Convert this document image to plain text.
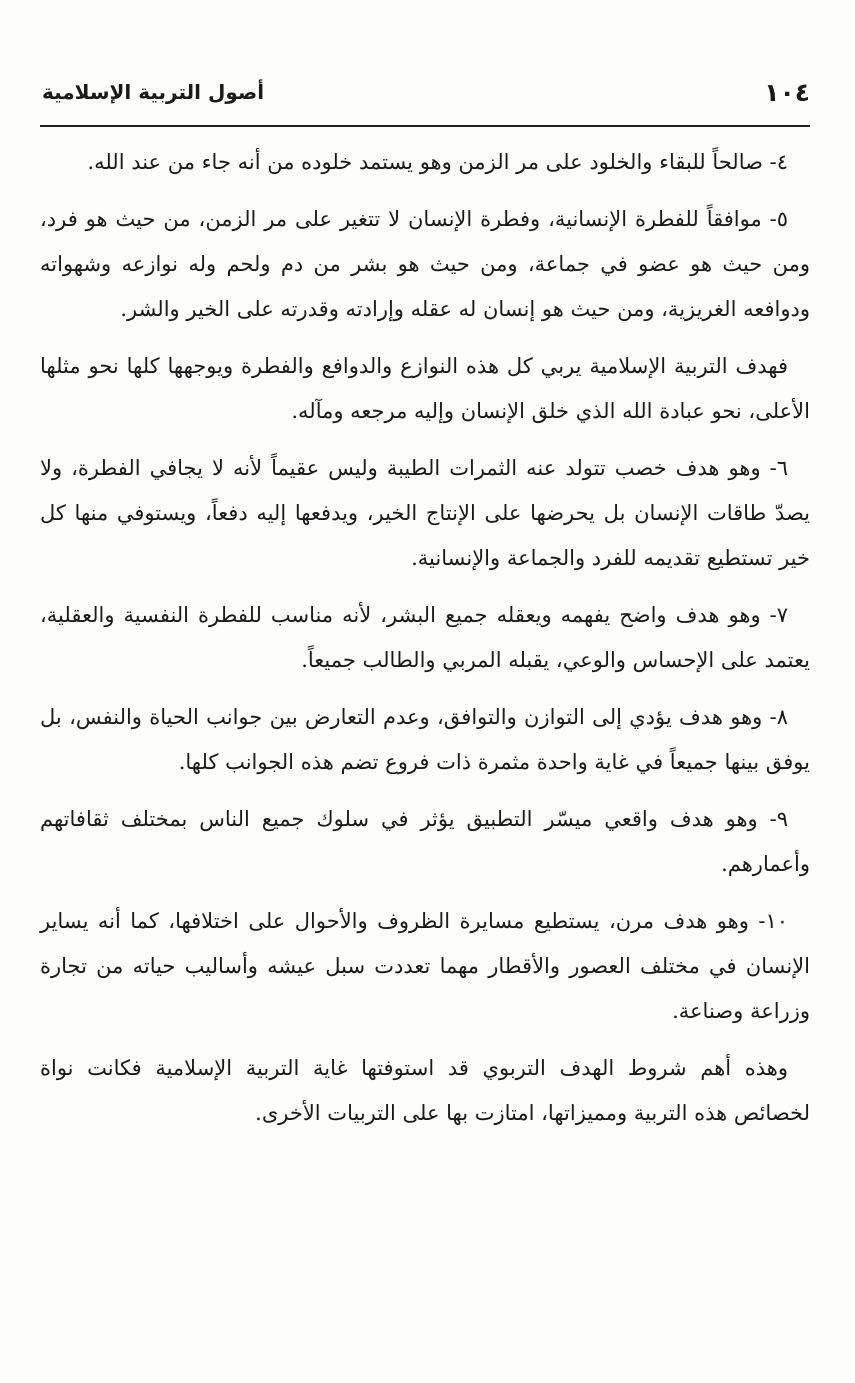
١٠٤
أصول التربية الإسلامية

٤- صالحاً للبقاء والخلود على مر الزمن وهو يستمد خلوده من أنه جاء من عند الله.

٥- موافقاً للفطرة الإنسانية، وفطرة الإنسان لا تتغير على مر الزمن، من حيث هو فرد، ومن حيث هو عضو في جماعة، ومن حيث هو بشر من دم ولحم وله نوازعه وشهواته ودوافعه الغريزية، ومن حيث هو إنسان له عقله وإرادته وقدرته على الخير والشر.

فهدف التربية الإسلامية يربي كل هذه النوازع والدوافع والفطرة ويوجهها كلها نحو مثلها الأعلى، نحو عبادة الله الذي خلق الإنسان وإليه مرجعه ومآله.

٦- وهو هدف خصب تتولد عنه الثمرات الطيبة وليس عقيماً لأنه لا يجافي الفطرة، ولا يصدّ طاقات الإنسان بل يحرضها على الإنتاج الخير، ويدفعها إليه دفعاً، ويستوفي منها كل خير تستطيع تقديمه للفرد والجماعة والإنسانية.

٧- وهو هدف واضح يفهمه ويعقله جميع البشر، لأنه مناسب للفطرة النفسية والعقلية، يعتمد على الإحساس والوعي، يقبله المربي والطالب جميعاً.

٨- وهو هدف يؤدي إلى التوازن والتوافق، وعدم التعارض بين جوانب الحياة والنفس، بل يوفق بينها جميعاً في غاية واحدة مثمرة ذات فروع تضم هذه الجوانب كلها.

٩- وهو هدف واقعي ميسّر التطبيق يؤثر في سلوك جميع الناس بمختلف ثقافاتهم وأعمارهم.

١٠- وهو هدف مرن، يستطيع مسايرة الظروف والأحوال على اختلافها، كما أنه يساير الإنسان في مختلف العصور والأقطار مهما تعددت سبل عيشه وأساليب حياته من تجارة وزراعة وصناعة.

وهذه أهم شروط الهدف التربوي قد استوفتها غاية التربية الإسلامية فكانت نواة لخصائص هذه التربية ومميزاتها، امتازت بها على التربيات الأخرى.
